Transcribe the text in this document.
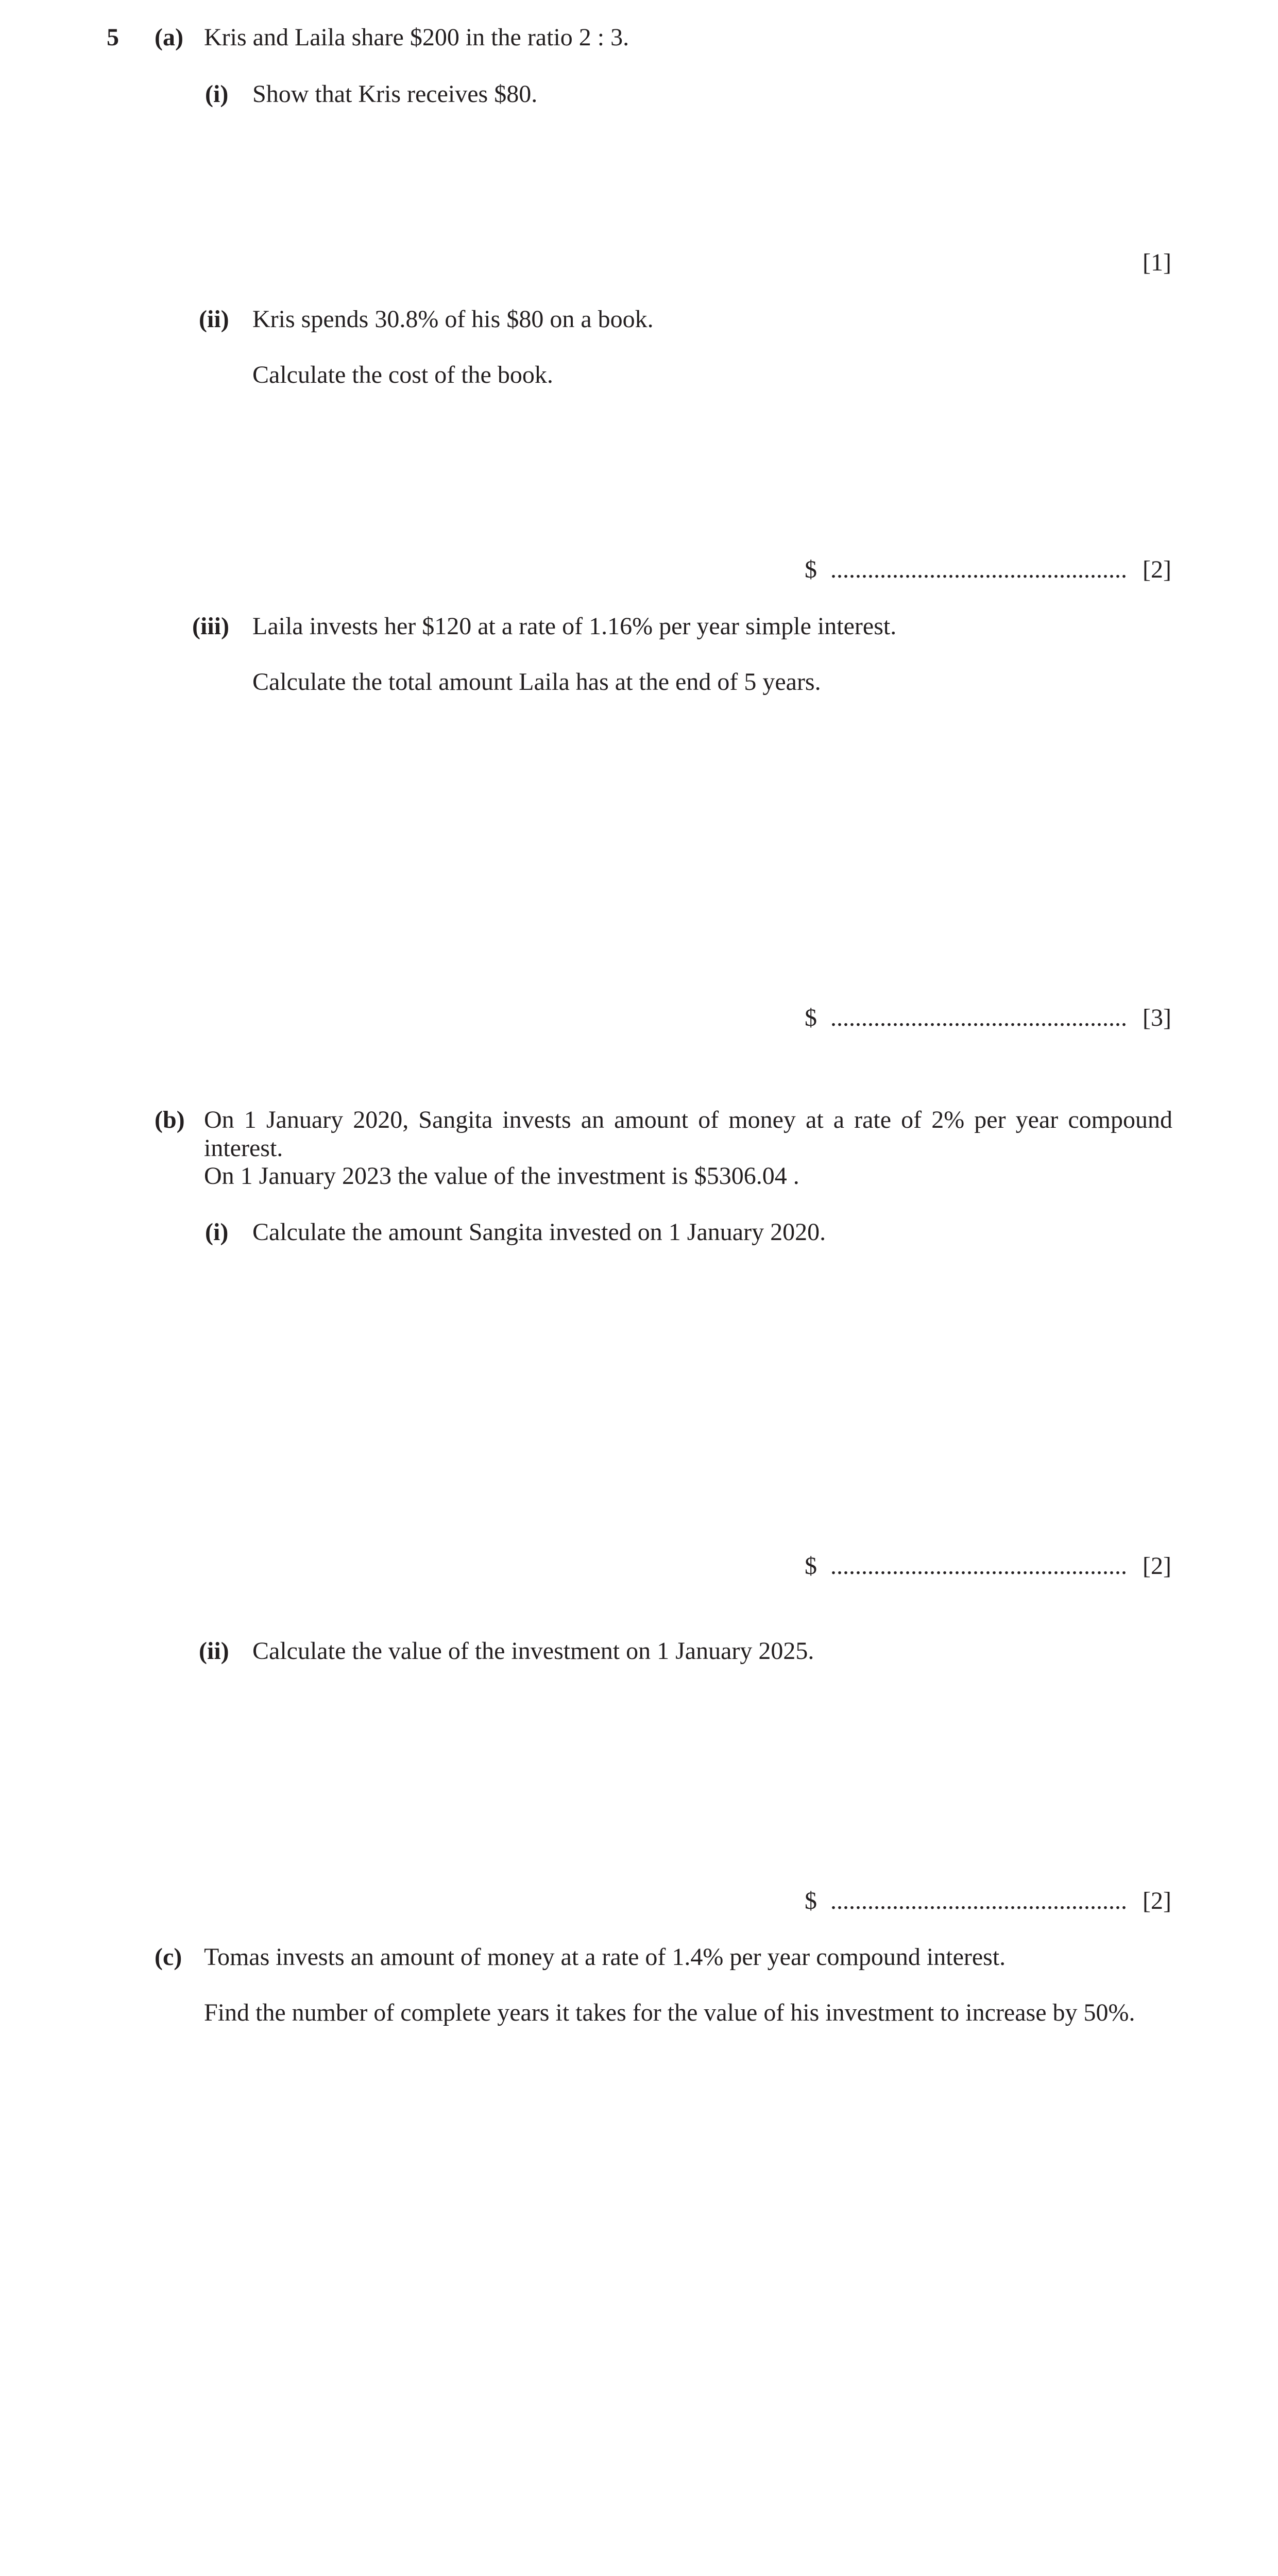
5 (a) Kris and Laila share $200 in the ratio 2 : 3.
(i) Show that Kris receives $80.
[1]
(ii) Kris spends 30.8% of his $80 on a book.
Calculate the cost of the book.
$ ................................................ [2]
(iii) Laila invests her $120 at a rate of 1.16% per year simple interest.
Calculate the total amount Laila has at the end of 5 years.
$ ................................................ [3]
(b) On 1 January 2020, Sangita invests an amount of money at a rate of 2% per year compound interest.
On 1 January 2023 the value of the investment is $5306.04 .
(i) Calculate the amount Sangita invested on 1 January 2020.
$ ................................................ [2]
(ii) Calculate the value of the investment on 1 January 2025.
$ ................................................ [2]
(c) Tomas invests an amount of money at a rate of 1.4% per year compound interest.
Find the number of complete years it takes for the value of his investment to increase by 50%.
